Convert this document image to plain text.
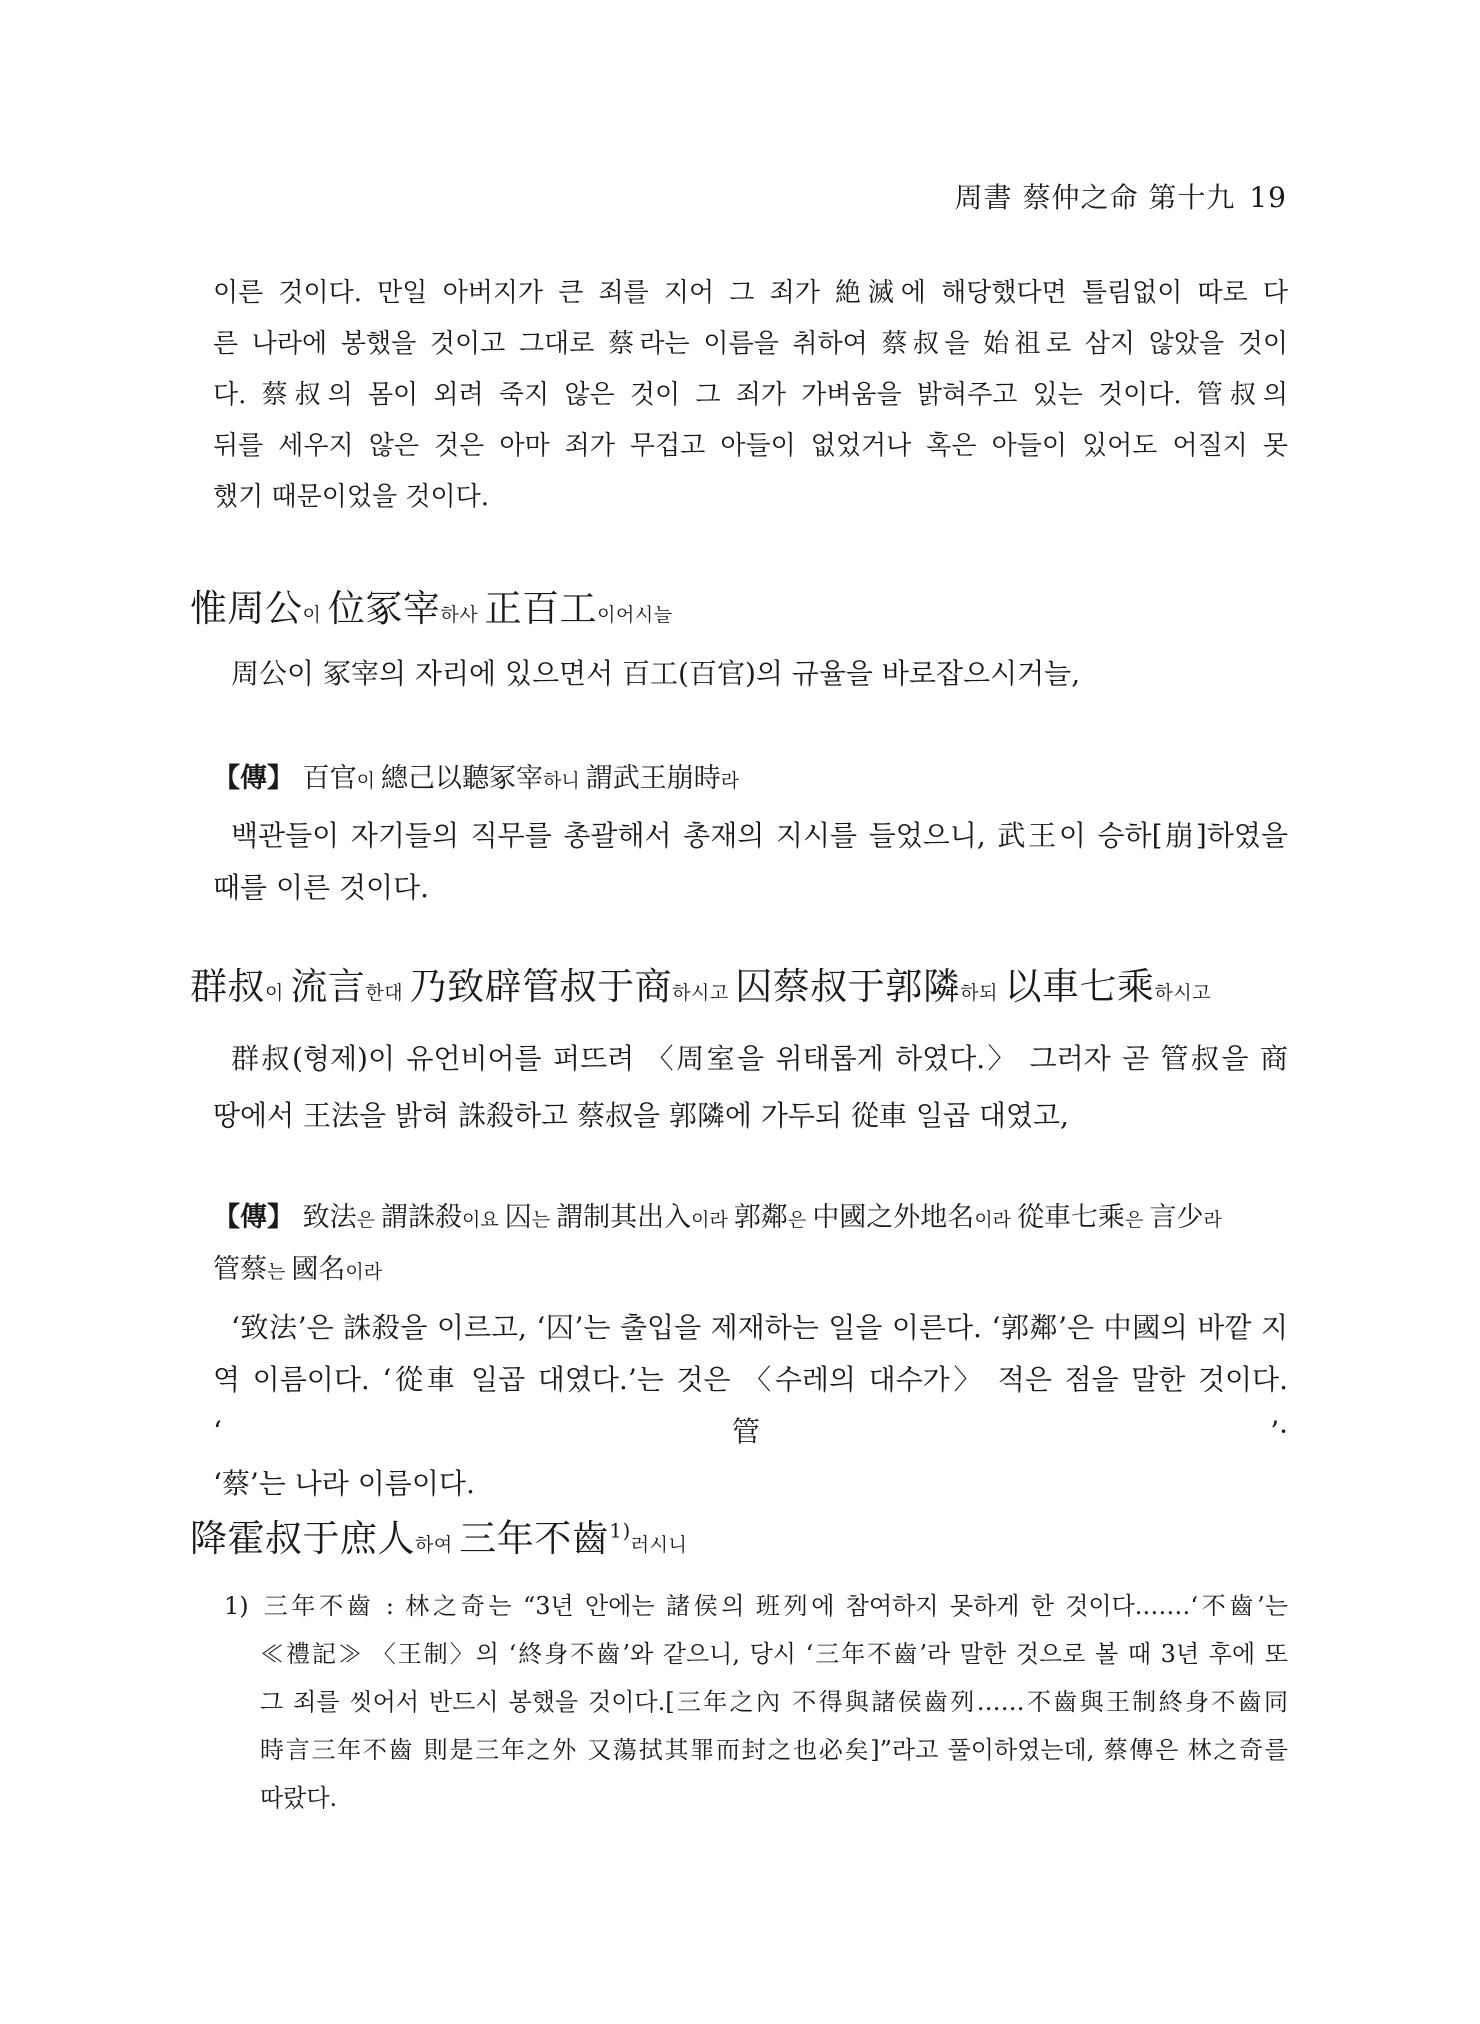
周書 蔡仲之命 第十九 19
이른 것이다. 만일 아버지가 큰 죄를 지어 그 죄가 絶滅에 해당했다면 틀림없이 따로 다
른 나라에 봉했을 것이고 그대로 蔡라는 이름을 취하여 蔡叔을 始祖로 삼지 않았을 것이
다. 蔡叔의 몸이 외려 죽지 않은 것이 그 죄가 가벼움을 밝혀주고 있는 것이다. 管叔의
뒤를 세우지 않은 것은 아마 죄가 무겁고 아들이 없었거나 혹은 아들이 있어도 어질지 못
했기 때문이었을 것이다.
惟周公이 位冢宰하사 正百工이어시늘
周公이 冢宰의 자리에 있으면서 百工(百官)의 규율을 바로잡으시거늘,
【傳】 百官이 總己以聽冢宰하니 謂武王崩時라
백관들이 자기들의 직무를 총괄해서 총재의 지시를 들었으니, 武王이 승하[崩]하였을
때를 이른 것이다.
群叔이 流言한대 乃致辟管叔于商하시고 囚蔡叔于郭隣하되 以車七乘하시고
群叔(형제)이 유언비어를 퍼뜨려 〈周室을 위태롭게 하였다.〉 그러자 곧 管叔을 商
땅에서 王法을 밝혀 誅殺하고 蔡叔을 郭隣에 가두되 從車 일곱 대였고,
【傳】 致法은 謂誅殺이요 囚는 謂制其出入이라 郭鄰은 中國之外地名이라 從車七乘은 言少라
管蔡는 國名이라
‘致法’은 誅殺을 이르고, ‘囚’는 출입을 제재하는 일을 이른다. ‘郭鄰’은 中國의 바깥 지
역 이름이다. ‘從車 일곱 대였다.’는 것은 〈수레의 대수가〉 적은 점을 말한 것이다. ‘管’·
‘蔡’는 나라 이름이다.
降霍叔于庶人하여 三年不齒$^{1)}$러시니
1) 三年不齒 : 林之奇는 “3년 안에는 諸侯의 班列에 참여하지 못하게 한 것이다.……‘不齒’는
≪禮記≫ 〈王制〉의 ‘終身不齒’와 같으니, 당시 ‘三年不齒’라 말한 것으로 볼 때 3년 후에 또
그 죄를 씻어서 반드시 봉했을 것이다.[三年之內 不得與諸侯齒列……不齒與王制終身不齒同
時言三年不齒 則是三年之外 又蕩拭其罪而封之也必矣]”라고 풀이하였는데, 蔡傳은 林之奇를
따랐다.
